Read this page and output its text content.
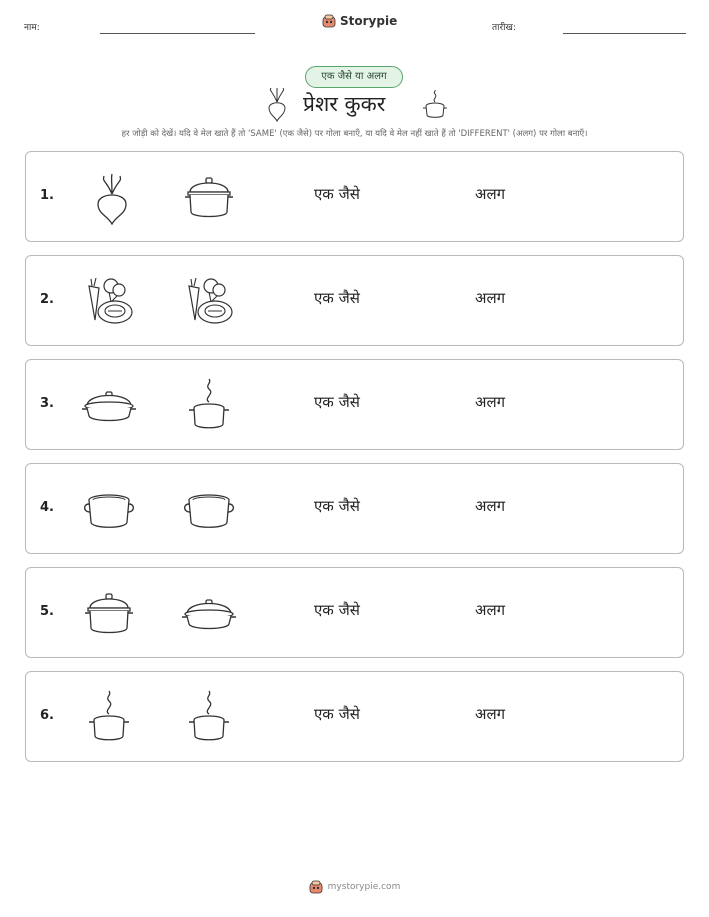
नाम:	Storypie	तारीख:
एक जैसे या अलग
प्रेशर कुकर
हर जोड़ी को देखें। यदि वे मेल खाते हैं तो 'SAME' (एक जैसे) पर गोला बनाएँ, या यदि वे मेल नहीं खाते हैं तो 'DIFFERENT' (अलग) पर गोला बनाएँ।
1.	एक जैसे	अलग
2.	एक जैसे	अलग
3.	एक जैसे	अलग
4.	एक जैसे	अलग
5.	एक जैसे	अलग
6.	एक जैसे	अलग
mystorypie.com
